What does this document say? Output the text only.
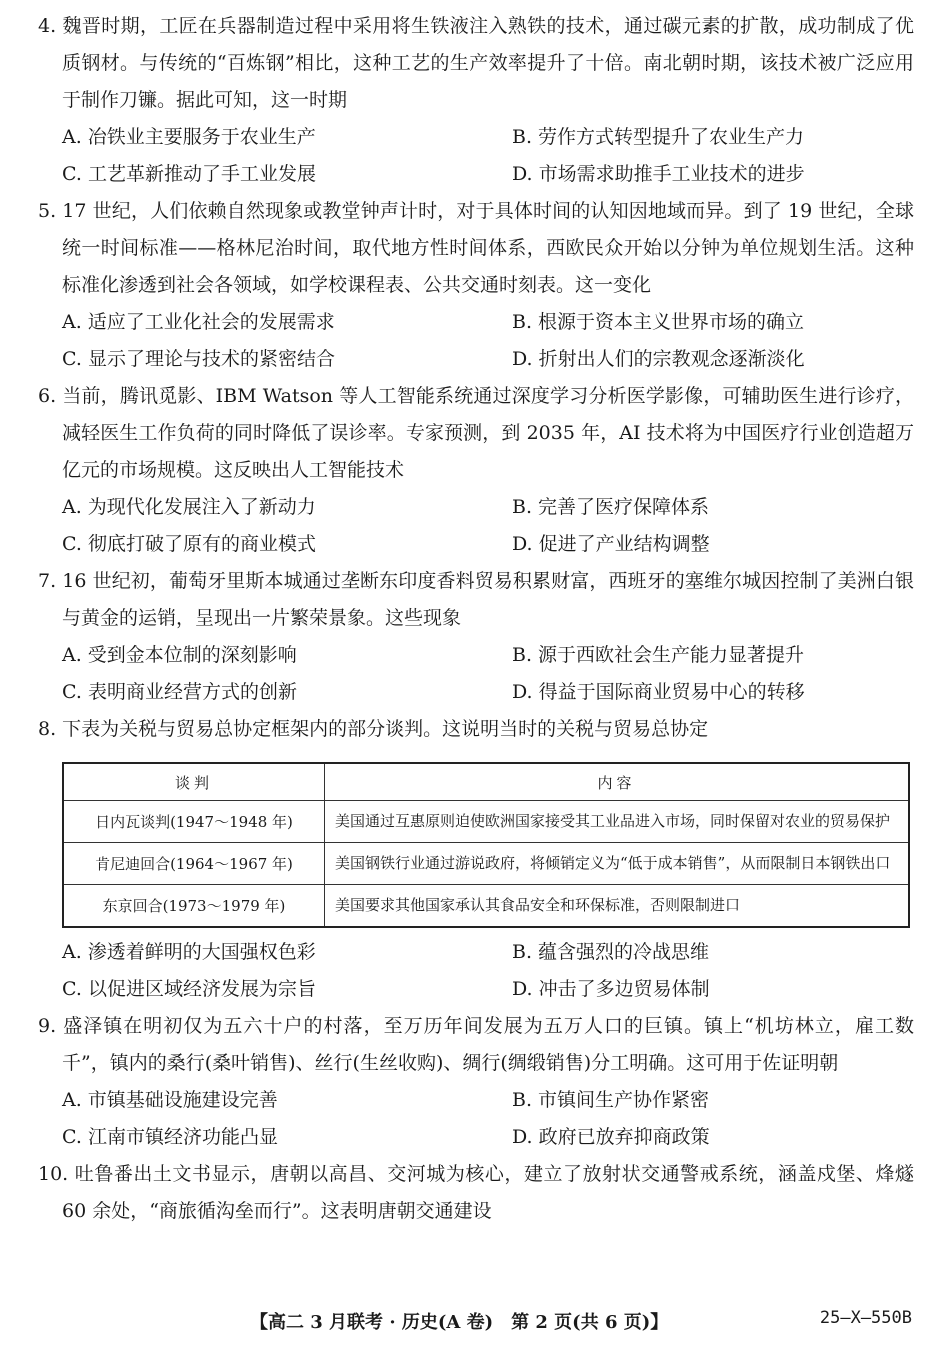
4. 魏晋时期，工匠在兵器制造过程中采用将生铁液注入熟铁的技术，通过碳元素的扩散，成功制成了优质钢材。与传统的“百炼钢”相比，这种工艺的生产效率提升了十倍。南北朝时期，该技术被广泛应用于制作刀镰。据此可知，这一时期
A. 冶铁业主要服务于农业生产	B. 劳作方式转型提升了农业生产力
C. 工艺革新推动了手工业发展	D. 市场需求助推手工业技术的进步
5. 17 世纪，人们依赖自然现象或教堂钟声计时，对于具体时间的认知因地域而异。到了 19 世纪，全球统一时间标准——格林尼治时间，取代地方性时间体系，西欧民众开始以分钟为单位规划生活。这种标准化渗透到社会各领域，如学校课程表、公共交通时刻表。这一变化
A. 适应了工业化社会的发展需求	B. 根源于资本主义世界市场的确立
C. 显示了理论与技术的紧密结合	D. 折射出人们的宗教观念逐渐淡化
6. 当前，腾讯觅影、IBM Watson 等人工智能系统通过深度学习分析医学影像，可辅助医生进行诊疗，减轻医生工作负荷的同时降低了误诊率。专家预测，到 2035 年，AI 技术将为中国医疗行业创造超万亿元的市场规模。这反映出人工智能技术
A. 为现代化发展注入了新动力	B. 完善了医疗保障体系
C. 彻底打破了原有的商业模式	D. 促进了产业结构调整
7. 16 世纪初，葡萄牙里斯本城通过垄断东印度香料贸易积累财富，西班牙的塞维尔城因控制了美洲白银与黄金的运销，呈现出一片繁荣景象。这些现象
A. 受到金本位制的深刻影响	B. 源于西欧社会生产能力显著提升
C. 表明商业经营方式的创新	D. 得益于国际商业贸易中心的转移
8. 下表为关税与贸易总协定框架内的部分谈判。这说明当时的关税与贸易总协定
谈判	内容
日内瓦谈判(1947～1948 年)	美国通过互惠原则迫使欧洲国家接受其工业品进入市场，同时保留对农业的贸易保护
肯尼迪回合(1964～1967 年)	美国钢铁行业通过游说政府，将倾销定义为“低于成本销售”，从而限制日本钢铁出口
东京回合(1973～1979 年)	美国要求其他国家承认其食品安全和环保标准，否则限制进口
A. 渗透着鲜明的大国强权色彩	B. 蕴含强烈的冷战思维
C. 以促进区域经济发展为宗旨	D. 冲击了多边贸易体制
9. 盛泽镇在明初仅为五六十户的村落，至万历年间发展为五万人口的巨镇。镇上“机坊林立，雇工数千”，镇内的桑行(桑叶销售)、丝行(生丝收购)、绸行(绸缎销售)分工明确。这可用于佐证明朝
A. 市镇基础设施建设完善	B. 市镇间生产协作紧密
C. 江南市镇经济功能凸显	D. 政府已放弃抑商政策
10. 吐鲁番出土文书显示，唐朝以高昌、交河城为核心，建立了放射状交通警戒系统，涵盖戍堡、烽燧 60 余处，“商旅循沟垒而行”。这表明唐朝交通建设
【高二 3 月联考 · 历史(A 卷)　第 2 页(共 6 页)】	25—X—550B
